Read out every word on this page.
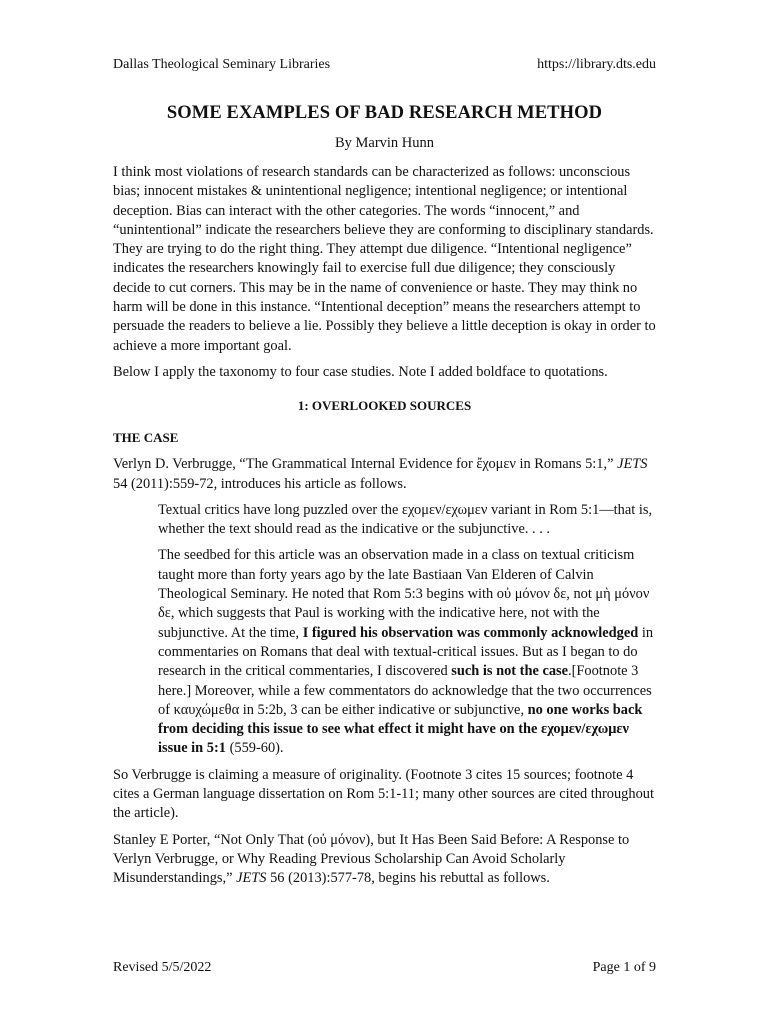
Dallas Theological Seminary Libraries	https://library.dts.edu
SOME EXAMPLES OF BAD RESEARCH METHOD
By Marvin Hunn

I think most violations of research standards can be characterized as follows: unconscious bias; innocent mistakes & unintentional negligence; intentional negligence; or intentional deception. Bias can interact with the other categories. The words “innocent,” and “unintentional” indicate the researchers believe they are conforming to disciplinary standards. They are trying to do the right thing. They attempt due diligence. “Intentional negligence” indicates the researchers knowingly fail to exercise full due diligence; they consciously decide to cut corners. This may be in the name of convenience or haste. They may think no harm will be done in this instance. “Intentional deception” means the researchers attempt to persuade the readers to believe a lie. Possibly they believe a little deception is okay in order to achieve a more important goal.

Below I apply the taxonomy to four case studies. Note I added boldface to quotations.

1: OVERLOOKED SOURCES
THE CASE

Verlyn D. Verbrugge, “The Grammatical Internal Evidence for ἔχομεν in Romans 5:1,” JETS 54 (2011):559-72, introduces his article as follows.

Textual critics have long puzzled over the εχομεν/εχωμεν variant in Rom 5:1—that is, whether the text should read as the indicative or the subjunctive. . . .

The seedbed for this article was an observation made in a class on textual criticism taught more than forty years ago by the late Bastiaan Van Elderen of Calvin Theological Seminary. He noted that Rom 5:3 begins with οὐ μόνον δε, not μὴ μόνον δε, which suggests that Paul is working with the indicative here, not with the subjunctive. At the time, I figured his observation was commonly acknowledged in commentaries on Romans that deal with textual-critical issues. But as I began to do research in the critical commentaries, I discovered such is not the case.[Footnote 3 here.] Moreover, while a few commentators do acknowledge that the two occurrences of καυχώμεθα in 5:2b, 3 can be either indicative or subjunctive, no one works back from deciding this issue to see what effect it might have on the εχομεν/εχωμεν issue in 5:1 (559-60).

So Verbrugge is claiming a measure of originality. (Footnote 3 cites 15 sources; footnote 4 cites a German language dissertation on Rom 5:1-11; many other sources are cited throughout the article).

Stanley E Porter, “Not Only That (οὐ μόνον), but It Has Been Said Before: A Response to Verlyn Verbrugge, or Why Reading Previous Scholarship Can Avoid Scholarly Misunderstandings,” JETS 56 (2013):577-78, begins his rebuttal as follows.

Revised 5/5/2022	Page 1 of 9
